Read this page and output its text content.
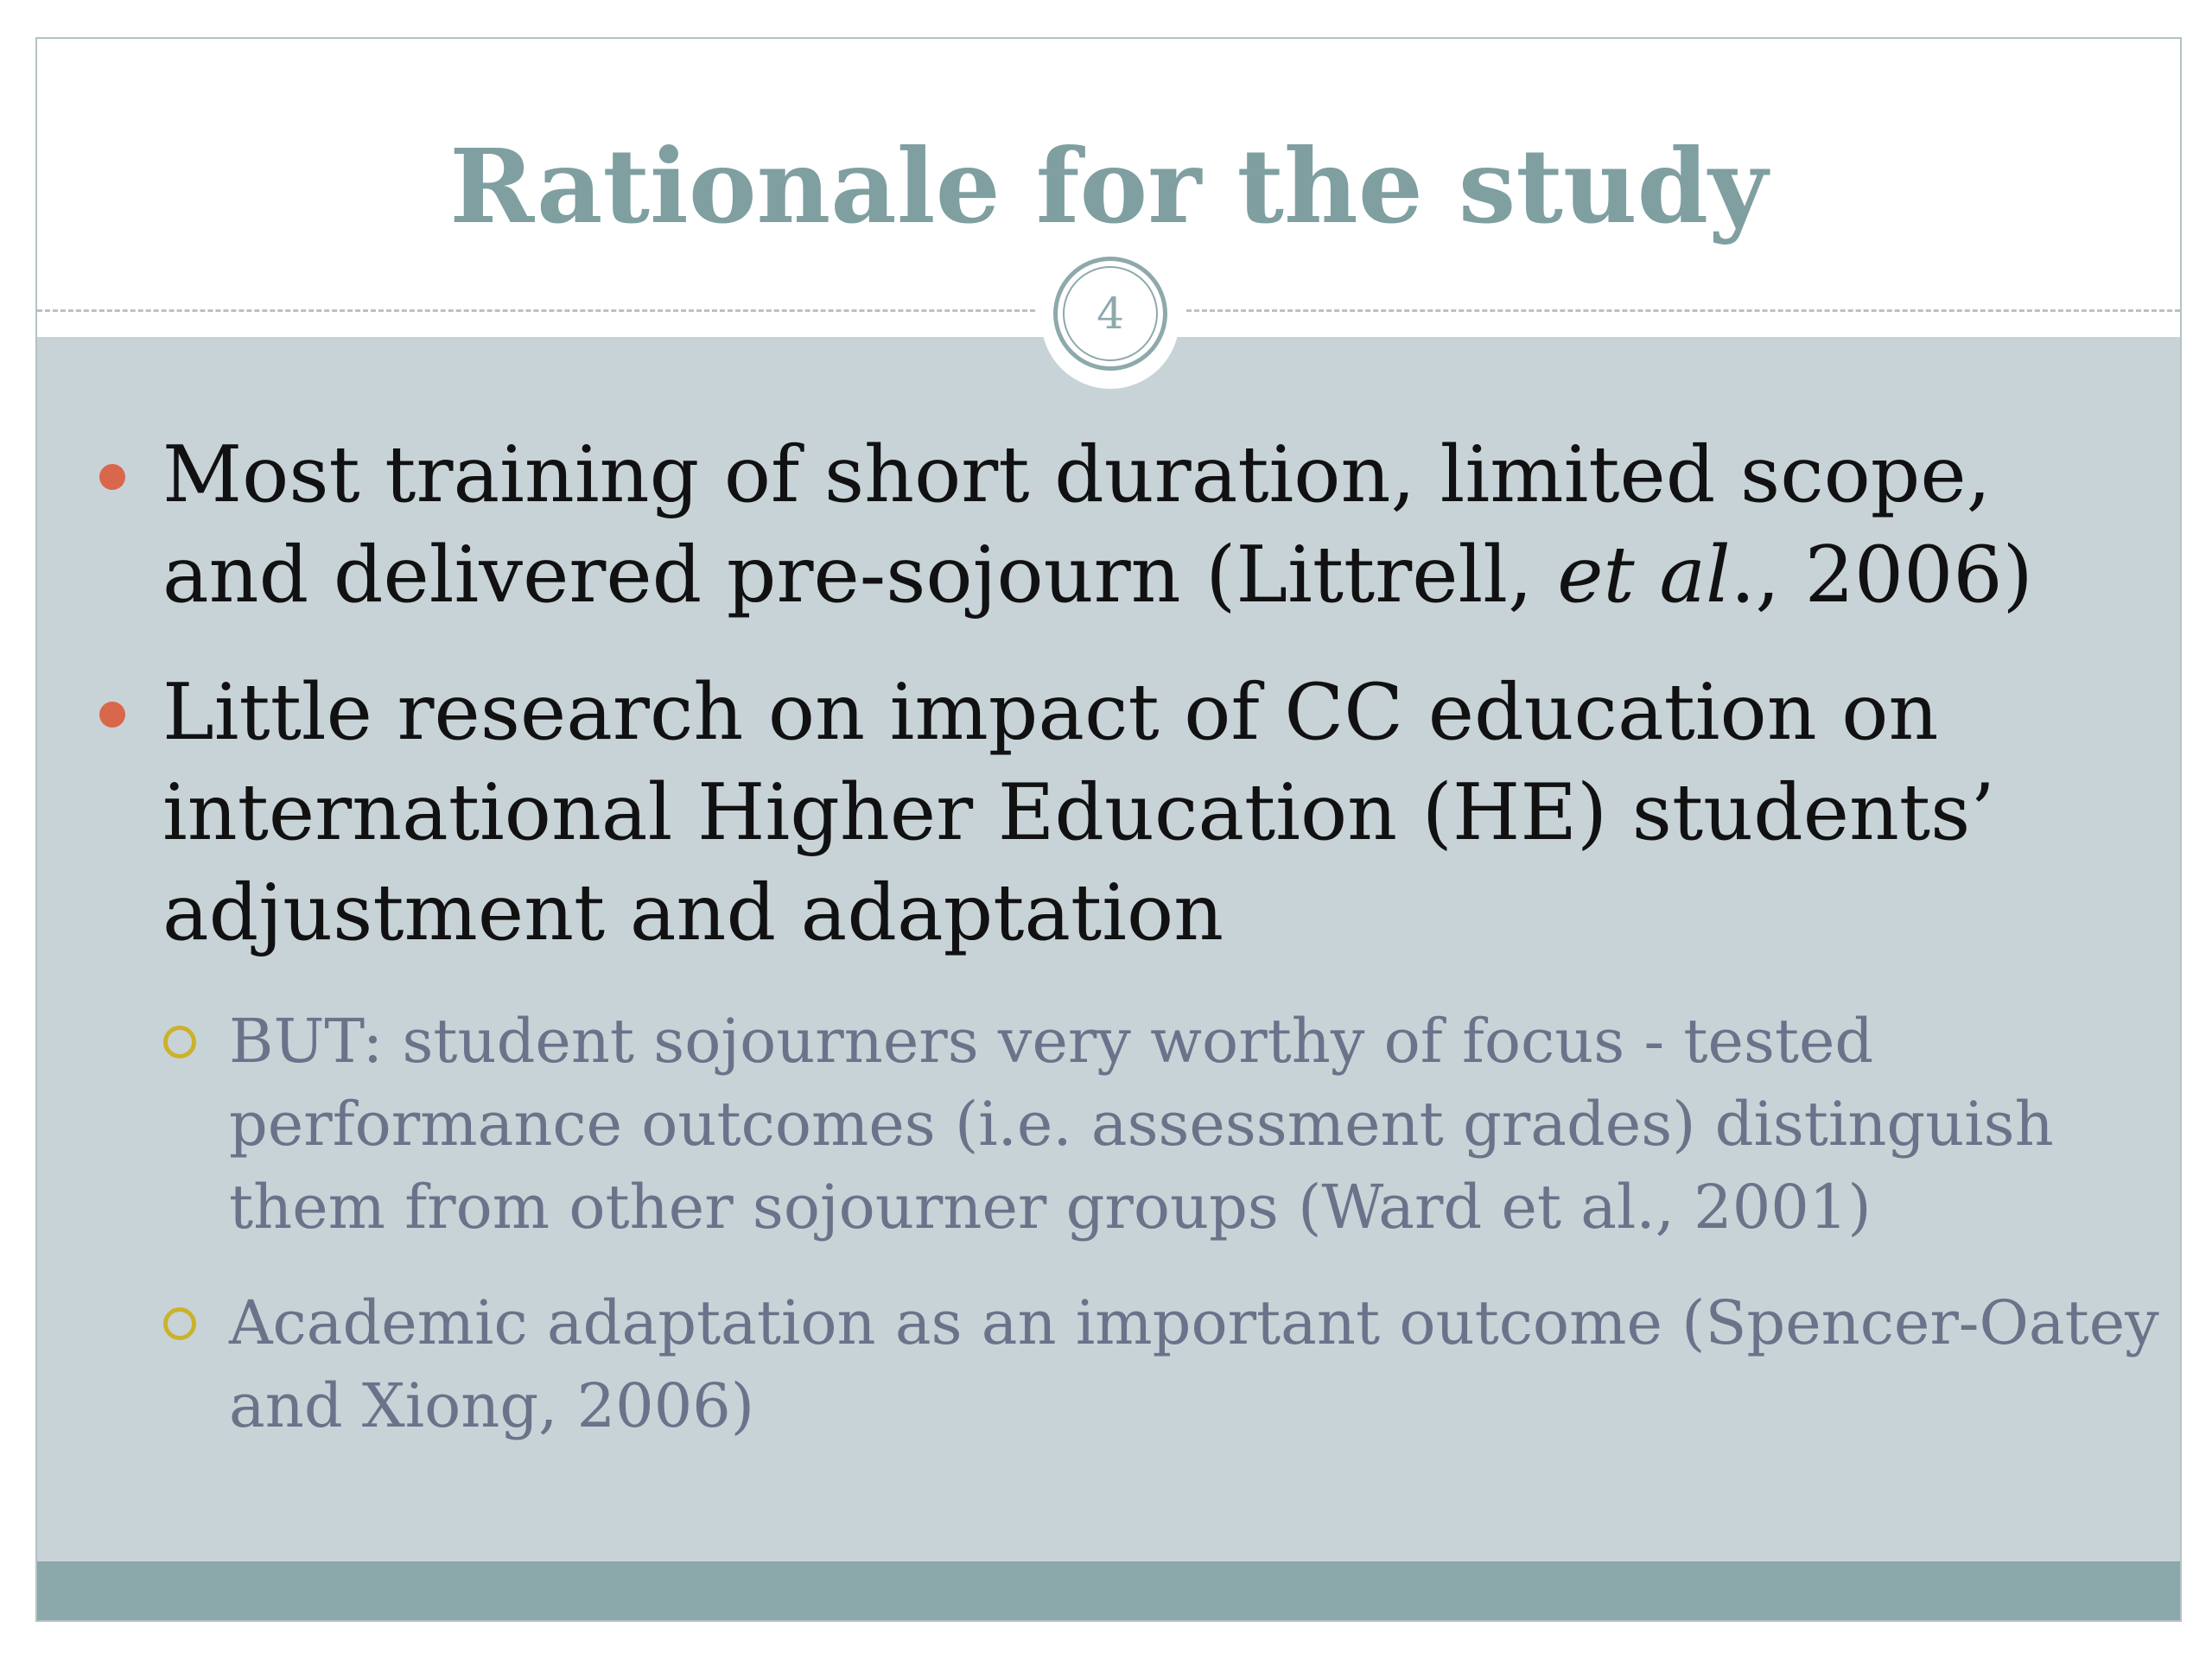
Rationale for the study

Most training of short duration, limited scope, and delivered pre-sojourn (Littrell, et al., 2006)

Little research on impact of CC education on international Higher Education (HE) students’ adjustment and adaptation

BUT: student sojourners very worthy of focus - tested performance outcomes (i.e. assessment grades) distinguish them from other sojourner groups (Ward et al., 2001)

Academic adaptation as an important outcome (Spencer-Oatey and Xiong, 2006)

4
